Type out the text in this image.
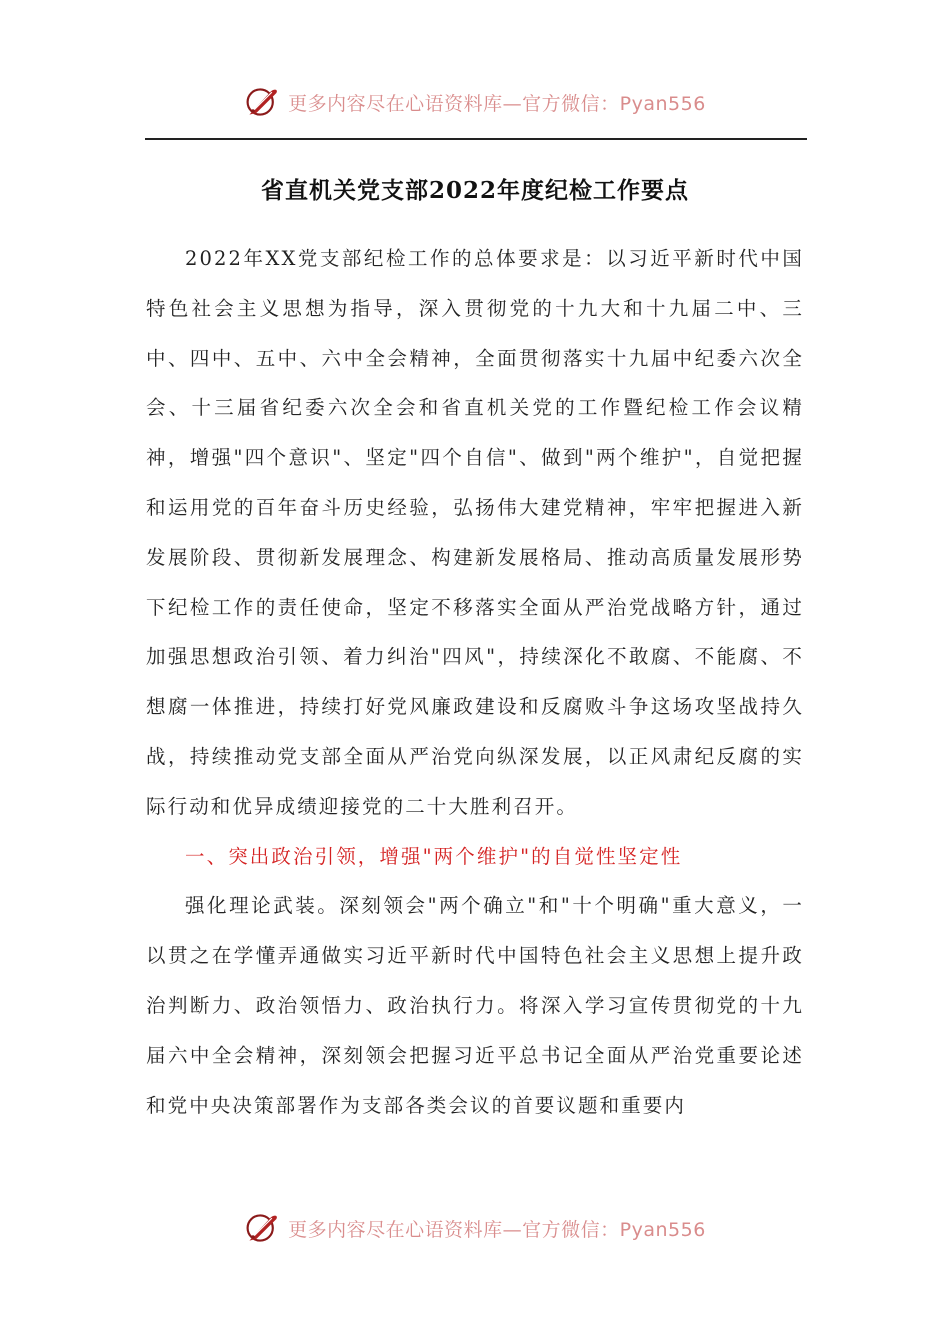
更多内容尽在心语资料库—官方微信：Pyan556
省直机关党支部2022年度纪检工作要点

2022年XX党支部纪检工作的总体要求是：以习近平新时代中国特色社会主义思想为指导，深入贯彻党的十九大和十九届二中、三中、四中、五中、六中全会精神，全面贯彻落实十九届中纪委六次全会、十三届省纪委六次全会和省直机关党的工作暨纪检工作会议精神，增强"四个意识"、坚定"四个自信"、做到"两个维护"，自觉把握和运用党的百年奋斗历史经验，弘扬伟大建党精神，牢牢把握进入新发展阶段、贯彻新发展理念、构建新发展格局、推动高质量发展形势下纪检工作的责任使命，坚定不移落实全面从严治党战略方针，通过加强思想政治引领、着力纠治"四风"，持续深化不敢腐、不能腐、不想腐一体推进，持续打好党风廉政建设和反腐败斗争这场攻坚战持久战，持续推动党支部全面从严治党向纵深发展，以正风肃纪反腐的实际行动和优异成绩迎接党的二十大胜利召开。

一、突出政治引领，增强"两个维护"的自觉性坚定性

强化理论武装。深刻领会"两个确立"和"十个明确"重大意义，一以贯之在学懂弄通做实习近平新时代中国特色社会主义思想上提升政治判断力、政治领悟力、政治执行力。将深入学习宣传贯彻党的十九届六中全会精神，深刻领会把握习近平总书记全面从严治党重要论述和党中央决策部署作为支部各类会议的首要议题和重要内

更多内容尽在心语资料库—官方微信：Pyan556
